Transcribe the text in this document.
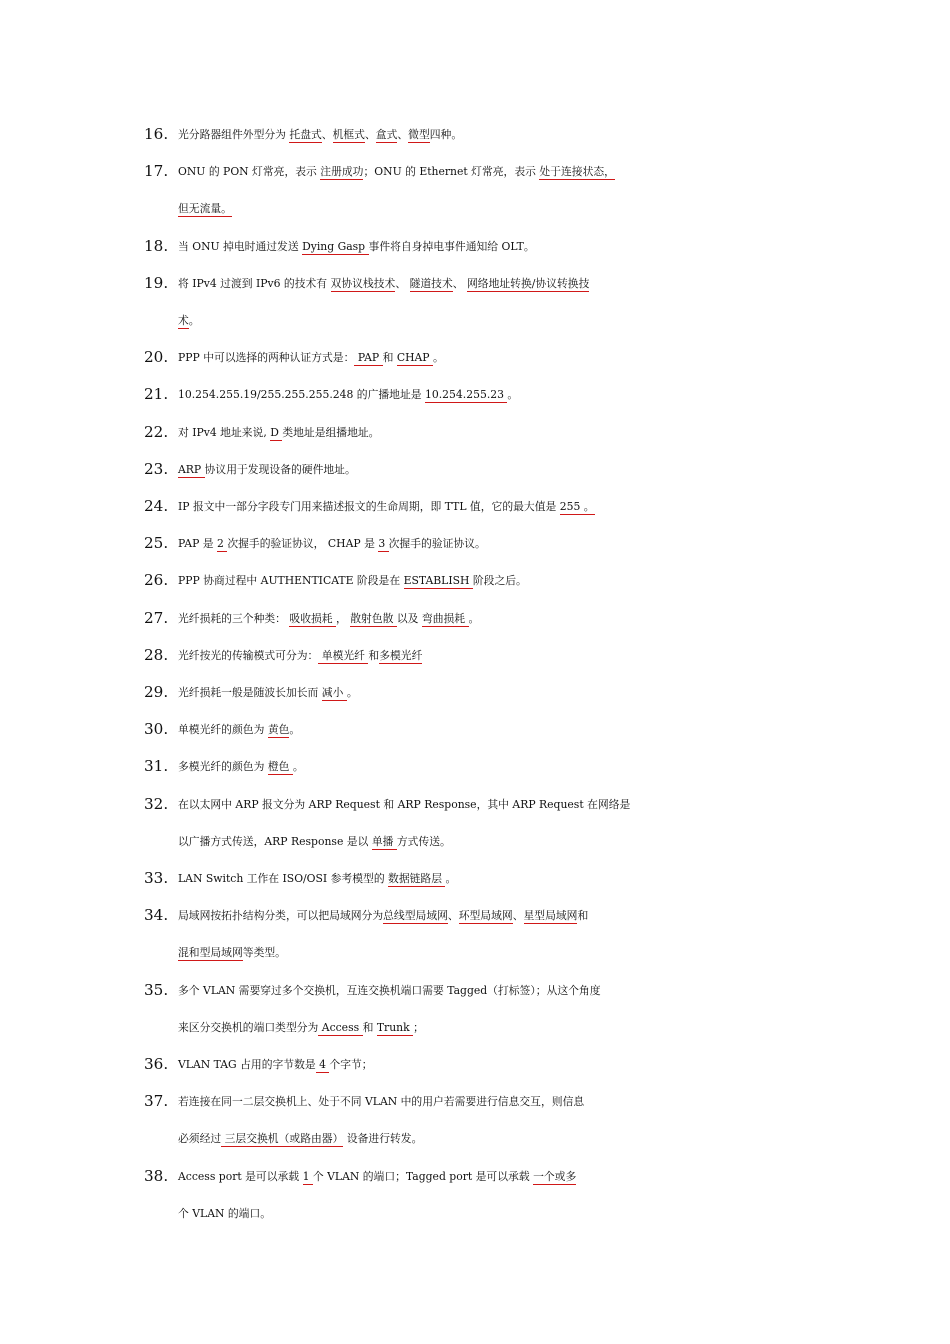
16. 光分路器组件外型分为 托盘式、机框式、盒式、微型四种。
17. ONU 的 PON 灯常亮，表示 注册成功；ONU 的 Ethernet 灯常亮，表示 处于连接状态，
但无流量。
18. 当 ONU 掉电时通过发送 Dying Gasp 事件将自身掉电事件通知给 OLT。
19. 将 IPv4 过渡到 IPv6 的技术有 双协议栈技术、 隧道技术、 网络地址转换/协议转换技
术。
20. PPP 中可以选择的两种认证方式是： PAP 和 CHAP 。
21. 10.254.255.19/255.255.255.248 的广播地址是 10.254.255.23 。
22. 对 IPv4 地址来说, D 类地址是组播地址。
23. ARP 协议用于发现设备的硬件地址。
24. IP 报文中一部分字段专门用来描述报文的生命周期，即 TTL 值，它的最大值是 255 。
25. PAP 是 2 次握手的验证协议， CHAP 是 3 次握手的验证协议。
26. PPP 协商过程中 AUTHENTICATE 阶段是在 ESTABLISH 阶段之后。
27. 光纤损耗的三个种类： 吸收损耗 ， 散射色散 以及 弯曲损耗 。
28. 光纤按光的传输模式可分为： 单模光纤 和多模光纤
29. 光纤损耗一般是随波长加长而 减小 。
30. 单模光纤的颜色为 黄色。
31. 多模光纤的颜色为 橙色 。
32. 在以太网中 ARP 报文分为 ARP Request 和 ARP Response，其中 ARP Request 在网络是
以广播方式传送，ARP Response 是以 单播 方式传送。
33. LAN Switch 工作在 ISO/OSI 参考模型的 数据链路层 。
34. 局域网按拓扑结构分类，可以把局域网分为总线型局域网、环型局域网、星型局域网和
混和型局域网等类型。
35. 多个 VLAN 需要穿过多个交换机，互连交换机端口需要 Tagged（打标签）；从这个角度
来区分交换机的端口类型分为 Access 和 Trunk ；
36. VLAN TAG 占用的字节数是 4 个字节；
37. 若连接在同一二层交换机上、处于不同 VLAN 中的用户若需要进行信息交互，则信息
必须经过 三层交换机（或路由器） 设备进行转发。
38. Access port 是可以承载 1 个 VLAN 的端口；Tagged port 是可以承载 一个或多
个 VLAN 的端口。
